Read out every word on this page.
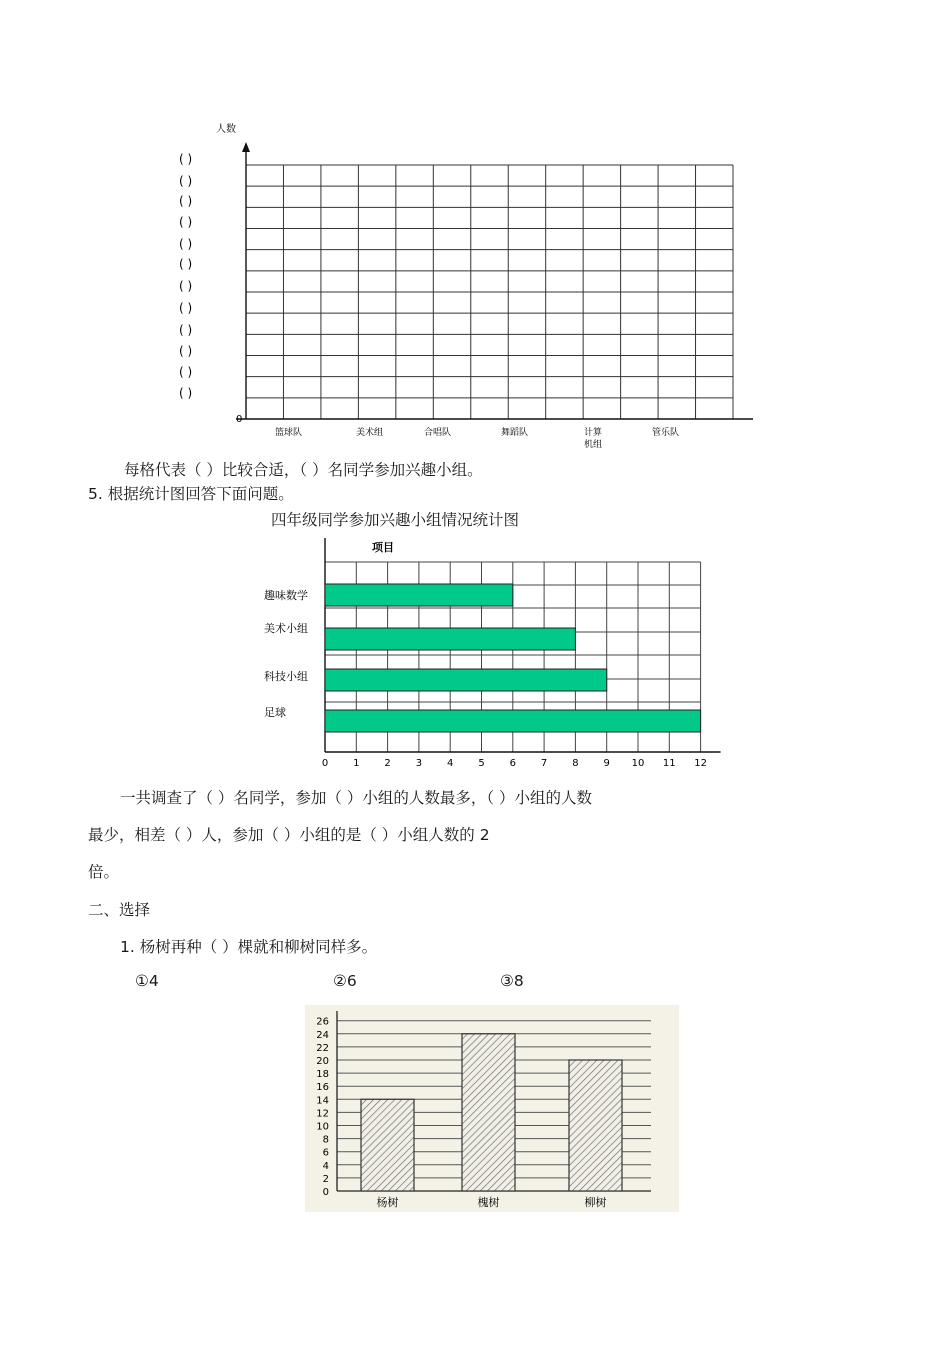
人数
( )
( )
( )
( )
( )
( )
( )
( )
( )
( )
( )
( )
0
篮球队	美术组	合唱队	舞蹈队	计算
机组
管乐队
每格代表（ ）比较合适，（ ）名同学参加兴趣小组。
5. 根据统计图回答下面问题。
四年级同学参加兴趣小组情况统计图
项目
趣味数学
美术小组
科技小组
足球
0 1 2 3 4 5 6 7 8 9 10 11 12
一共调查了（ ）名同学，参加（ ）小组的人数最多，（ ）小组的人数
最少，相差（ ）人，参加（ ）小组的是（ ）小组人数的 2
倍。
二、选择
1. 杨树再种（ ）棵就和柳树同样多。
①4	②6	③8
26
24
22
20
18
16
14
12
10
8
6
4
2
0
杨树	槐树	柳树
